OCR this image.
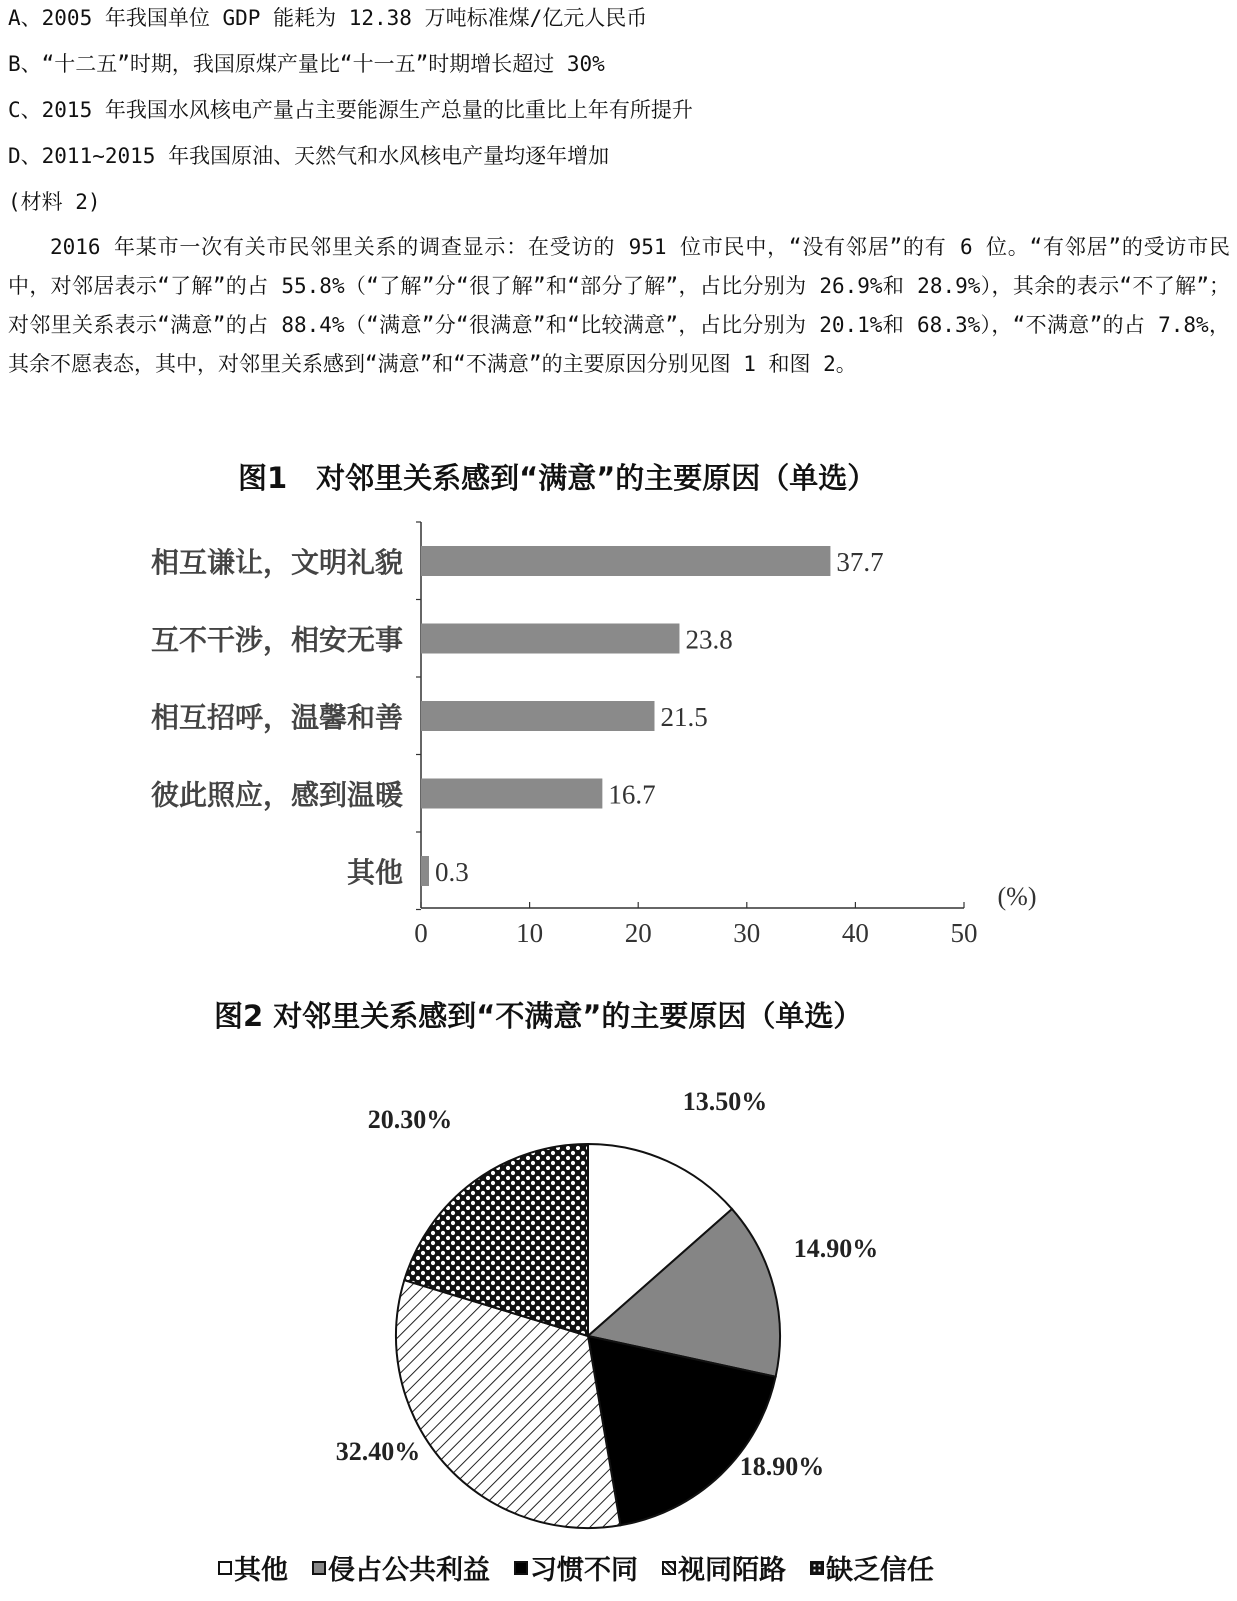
A、2005 年我国单位 GDP 能耗为 12.38 万吨标准煤/亿元人民币
B、“十二五”时期，我国原煤产量比“十一五”时期增长超过 30%
C、2015 年我国水风核电产量占主要能源生产总量的比重比上年有所提升
D、2011~2015 年我国原油、天然气和水风核电产量均逐年增加
(材料 2)
2016 年某市一次有关市民邻里关系的调查显示：在受访的 951 位市民中，“没有邻居”的有 6 位。“有邻居”的受访市民中，对邻居表示“了解”的占 55.8%（“了解”分“很了解”和“部分了解”，占比分别为 26.9%和 28.9%），其余的表示“不了解”；对邻里关系表示“满意”的占 88.4%（“满意”分“很满意”和“比较满意”，占比分别为 20.1%和 68.3%），“不满意”的占 7.8%，其余不愿表态，其中，对邻里关系感到“满意”和“不满意”的主要原因分别见图 1 和图 2。
图1　对邻里关系感到“满意”的主要原因（单选）
0	10	20	30	40	50
(%)
37.7
相互谦让，文明礼貌
23.8
互不干涉，相安无事
21.5
相互招呼，温馨和善
16.7
彼此照应，感到温暖
0.3
其他
图2 对邻里关系感到“不满意”的主要原因（单选）
13.50%
14.90%
18.90%
32.40%
20.30%
其他 侵占公共利益 习惯不同 视同陌路 缺乏信任
